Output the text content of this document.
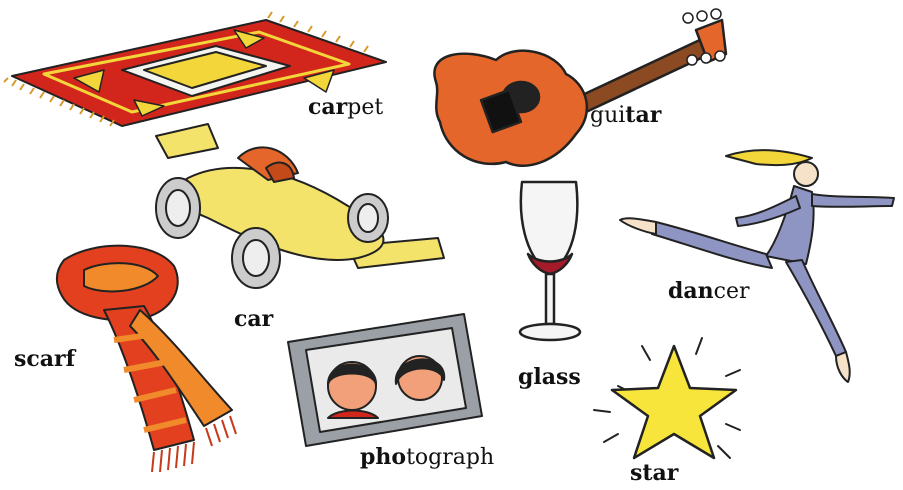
carpet	guitar
car
dancer
scarf
glass
photograph
star
